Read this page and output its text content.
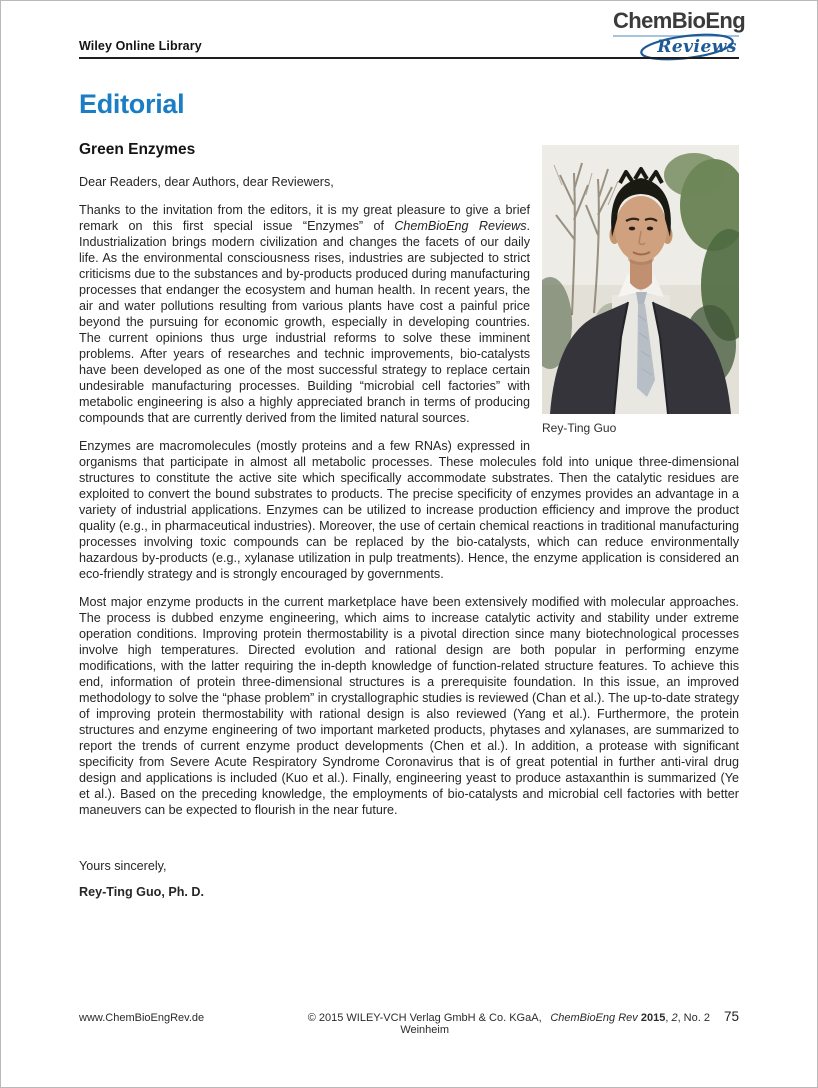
Wiley Online Library
ChemBioEng
Reviews
Editorial
Rey-Ting Guo
Green Enzymes

Dear Readers, dear Authors, dear Reviewers,

Thanks to the invitation from the editors, it is my great pleasure to give a brief remark on this first special issue “Enzymes” of ChemBioEng Reviews. Industrialization brings modern civilization and changes the facets of our daily life. As the environmental consciousness rises, industries are subjected to strict criticisms due to the substances and by-products produced during manufacturing processes that endanger the ecosystem and human health. In recent years, the air and water pollutions resulting from various plants have cost a painful price beyond the pursuing for economic growth, especially in developing countries. The current opinions thus urge industrial reforms to solve these imminent problems. After years of researches and technic improvements, bio-catalysts have been developed as one of the most successful strategy to replace certain undesirable manufacturing processes. Building “microbial cell factories” with metabolic engineering is also a highly appreciated branch in terms of producing compounds that are currently derived from the limited natural sources.

Enzymes are macromolecules (mostly proteins and a few RNAs) expressed in organisms that participate in almost all metabolic processes. These molecules fold into unique three-dimensional structures to constitute the active site which specifically accommodate substrates. Then the catalytic residues are exploited to convert the bound substrates to products. The precise specificity of enzymes provides an advantage in a variety of industrial applications. Enzymes can be utilized to increase production efficiency and improve the product quality (e.g., in pharmaceutical industries). Moreover, the use of certain chemical reactions in traditional manufacturing processes involving toxic compounds can be replaced by the bio-catalysts, which can reduce environmentally hazardous by-products (e.g., xylanase utilization in pulp treatments). Hence, the enzyme application is considered an eco-friendly strategy and is strongly encouraged by governments.

Most major enzyme products in the current marketplace have been extensively modified with molecular approaches. The process is dubbed enzyme engineering, which aims to increase catalytic activity and stability under extreme operation conditions. Improving protein thermostability is a pivotal direction since many biotechnological processes involve high temperatures. Directed evolution and rational design are both popular in performing enzyme modifications, with the latter requiring the in-depth knowledge of function-related structure features. To achieve this end, information of protein three-dimensional structures is a prerequisite foundation. In this issue, an improved methodology to solve the “phase problem” in crystallographic studies is reviewed (Chan et al.). The up-to-date strategy of improving protein thermostability with rational design is also reviewed (Yang et al.). Furthermore, the protein structures and enzyme engineering of two important marketed products, phytases and xylanases, are summarized to report the trends of current enzyme product developments (Chen et al.). In addition, a protease with significant specificity from Severe Acute Respiratory Syndrome Coronavirus that is of great potential in further anti-viral drug design and applications is included (Kuo et al.). Finally, engineering yeast to produce astaxanthin is summarized (Ye et al.). Based on the preceding knowledge, the employments of bio-catalysts and microbial cell factories with better maneuvers can be expected to flourish in the near future.

Yours sincerely,

Rey-Ting Guo, Ph. D.

www.ChemBioEngRev.de	© 2015 WILEY-VCH Verlag GmbH & Co. KGaA, Weinheim
ChemBioEng Rev 2015, 2, No. 2 75
